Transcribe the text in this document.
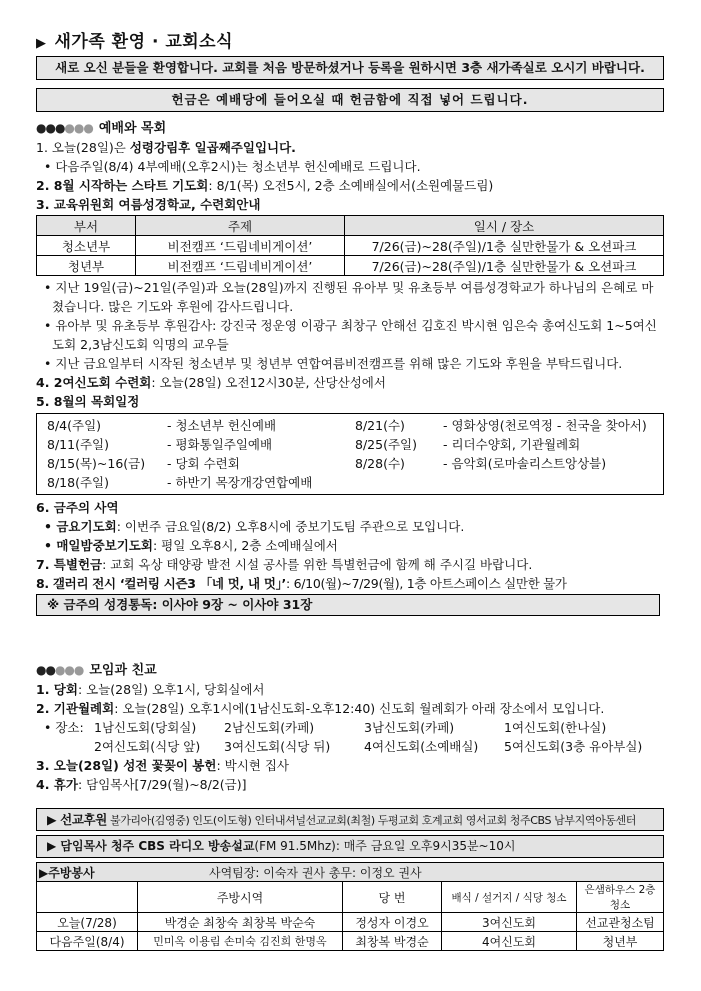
▶ 새가족 환영 · 교회소식
새로 오신 분들을 환영합니다. 교회를 처음 방문하셨거나 등록을 원하시면 3층 새가족실로 오시기 바랍니다.
헌금은 예배당에 들어오실 때 헌금함에 직접 넣어 드립니다.
●●●●●● 예배와 목회
1. 오늘(28일)은 성령강림후 일곱째주일입니다.
• 다음주일(8/4) 4부예배(오후2시)는 청소년부 헌신예배로 드립니다.
2. 8월 시작하는 스타트 기도회: 8/1(목) 오전5시, 2층 소예배실에서(소원예물드림)
3. 교육위원회 여름성경학교, 수련회안내
부서	주제	일시 / 장소
청소년부	비전캠프 ‘드림네비게이션’	7/26(금)~28(주일)/1층 실만한물가 & 오션파크
청년부	비전캠프 ‘드림네비게이션’	7/26(금)~28(주일)/1층 실만한물가 & 오션파크
• 지난 19일(금)~21일(주일)과 오늘(28일)까지 진행된 유아부 및 유초등부 여름성경학교가 하나님의 은혜로 마쳤습니다. 많은 기도와 후원에 감사드립니다.
• 유아부 및 유초등부 후원감사: 강진국 정운영 이광구 최창구 안해선 김호진 박시현 임은숙 총여신도회 1~5여신도회 2,3남신도회 익명의 교우들
• 지난 금요일부터 시작된 청소년부 및 청년부 연합여름비전캠프를 위해 많은 기도와 후원을 부탁드립니다.
4. 2여신도회 수련회: 오늘(28일) 오전12시30분, 산당산성에서
5. 8월의 목회일정
8/4(주일)	- 청소년부 헌신예배	8/21(수)	- 영화상영(천로역정 - 천국을 찾아서)
8/11(주일)	- 평화통일주일예배	8/25(주일) - 리더수양회, 기관월례회
8/15(목)~16(금) - 당회 수련회	8/28(수)	- 음악회(로마솔리스트앙상블)
8/18(주일)	- 하반기 목장개강연합예배
6. 금주의 사역
• 금요기도회: 이번주 금요일(8/2) 오후8시에 중보기도팀 주관으로 모입니다.
• 매일밤중보기도회: 평일 오후8시, 2층 소예배실에서
7. 특별헌금: 교회 옥상 태양광 발전 시설 공사를 위한 특별헌금에 함께 해 주시길 바랍니다.
8. 갤러리 전시 ‘컬러링 시즌3 「네 멋, 내 멋」’: 6/10(월)~7/29(월), 1층 아트스페이스 실만한 물가
※ 금주의 성경통독: 이사야 9장 ~ 이사야 31장
●●●●● 모임과 친교
1. 당회: 오늘(28일) 오후1시, 당회실에서
2. 기관월례회: 오늘(28일) 오후1시에(1남신도회-오후12:40) 신도회 월례회가 아래 장소에서 모입니다.
• 장소: 1남신도회(당회실) 2남신도회(카페)	3남신도회(카페)	1여신도회(한나실)
2여신도회(식당 앞) 3여신도회(식당 뒤)	4여신도회(소예배실) 5여신도회(3층 유아부실)
3. 오늘(28일) 성전 꽃꽂이 봉헌: 박시현 집사
4. 휴가: 담임목사[7/29(월)~8/2(금)]
▶ 선교후원 불가리아(김영중) 인도(이도형) 인터내셔널선교교회(최철) 두평교회 호계교회 영서교회 청주CBS 남부지역아동센터
▶ 담임목사 청주 CBS 라디오 방송설교(FM 91.5Mhz): 매주 금요일 오후9시35분~10시
▶주방봉사 사역팀장: 이숙자 권사 총무: 이정오 권사				
	주방시역	당 번	배식 / 설거지 / 식당 청소	은샘하우스 2층 청소
오늘(7/28)	박경순 최창숙 최창복 박순숙	정성자 이경오	3여신도회	선교관청소팀
다음주일(8/4)	민미옥 이용림 손미숙 김진희 한명옥	최창복 박경순	4여신도회	청년부
